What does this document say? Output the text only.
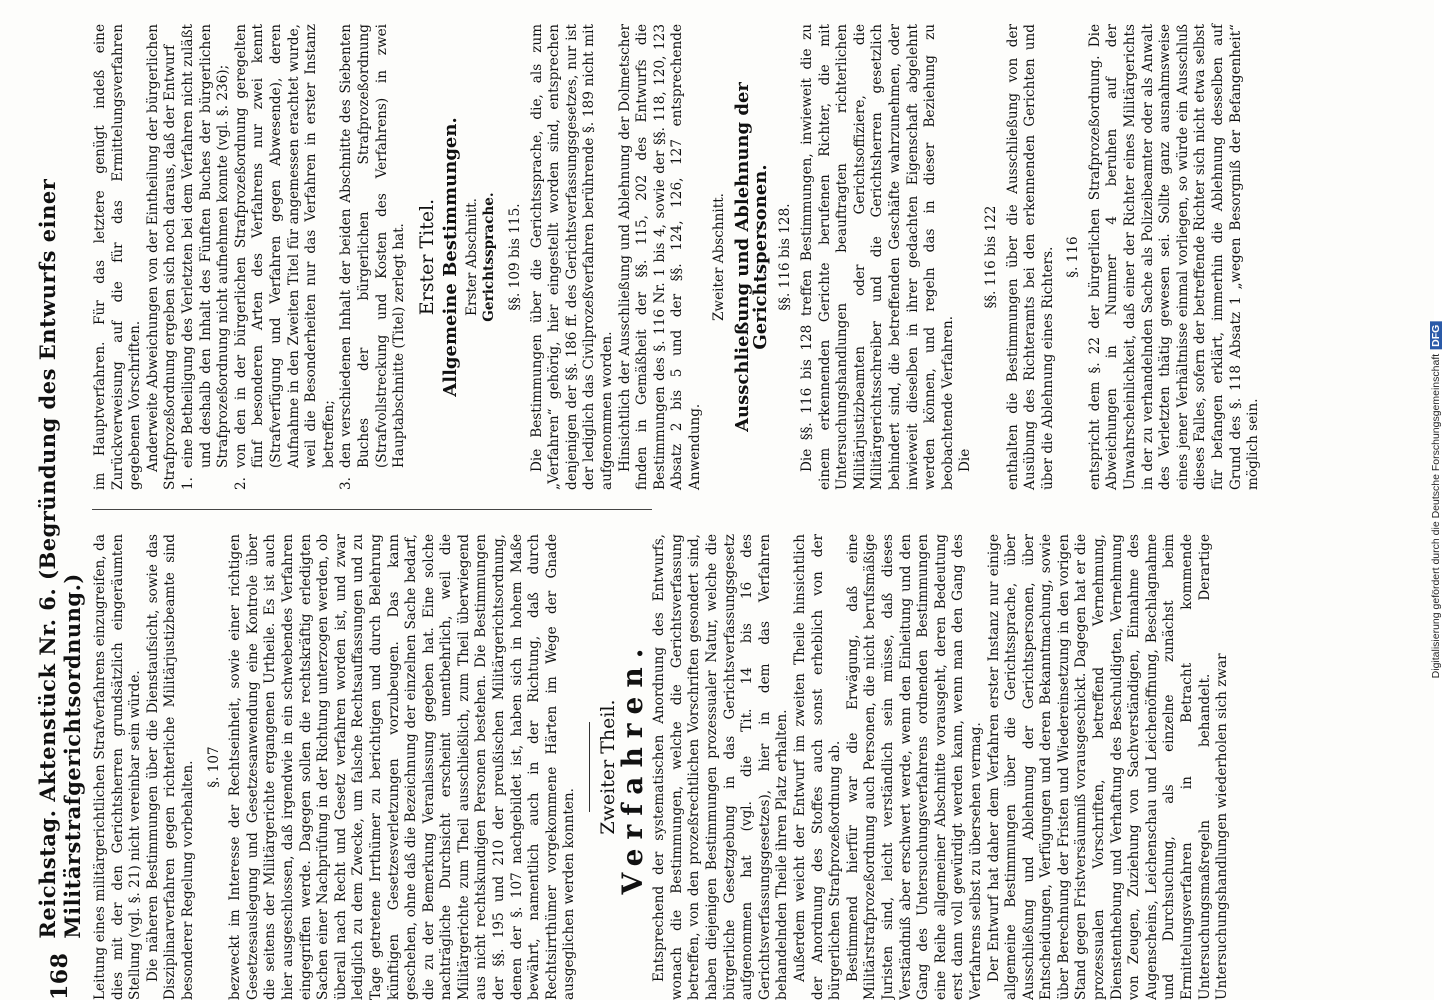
168
Reichstag. Aktenstück Nr. 6. (Begründung des Entwurfs einer Militärstrafgerichtsordnung.) Leitung eines militärgerichtlichen Strafverfahrens einzugreifen, da dies mit der den Gerichtsherren grundsätzlich eingeräumten Stellung (vgl. §. 21) nicht vereinbar sein würde. Die näheren Bestimmungen über die Dienstaufsicht, sowie das Disziplinarverfahren gegen richterliche Militärjustizbeamte sind besonderer Regelung vorbehalten. §. 107 bezweckt im Interesse der Rechtseinheit, sowie einer richtigen Gesetzesauslegung und Gesetzesanwendung eine Kontrole über die seitens der Militärgerichte ergangenen Urtheile. Es ist auch hier ausgeschlossen, daß irgendwie in ein schwebendes Verfahren eingegriffen werde. Dagegen sollen die rechtskräftig erledigten Sachen einer Nachprüfung in der Richtung unterzogen werden, ob überall nach Recht und Gesetz verfahren worden ist, und zwar lediglich zu dem Zwecke, um falsche Rechtsauffassungen und zu Tage getretene Irrthümer zu berichtigen und durch Belehrung künftigen Gesetzesverletzungen vorzubeugen. Das kann geschehen, ohne daß die Bezeichnung der einzelnen Sache bedarf, die zu der Bemerkung Veranlassung gegeben hat. Eine solche nachträgliche Durchsicht erscheint unentbehrlich, weil die Militärgerichte zum Theil ausschließlich, zum Theil überwiegend aus nicht rechtskundigen Personen bestehen. Die Bestimmungen der §§. 195 und 210 der preußischen Militärgerichtsordnung, denen der §. 107 nachgebildet ist, haben sich in hohem Maße bewährt, namentlich auch in der Richtung, daß durch Rechtsirrthümer vorgekommene Härten im Wege der Gnade ausgeglichen werden konnten.

Zweiter Theil.
Verfahren. Entsprechend der systematischen Anordnung des Entwurfs, wonach die Bestimmungen, welche die Gerichtsverfassung betreffen, von den prozeßrechtlichen Vorschriften gesondert sind, haben diejenigen Bestimmungen prozessualer Natur, welche die bürgerliche Gesetzgebung in das Gerichtsverfassungsgesetz aufgenommen hat (vgl. die Tit. 14 bis 16 des Gerichtsverfassungsgesetzes), hier in dem das Verfahren behandelnden Theile ihren Platz erhalten. Außerdem weicht der Entwurf im zweiten Theile hinsichtlich der Anordnung des Stoffes auch sonst erheblich von der bürgerlichen Strafprozeßordnung ab. Bestimmend hierfür war die Erwägung, daß eine Militärstrafprozeßordnung auch Personen, die nicht berufsmäßige Juristen sind, leicht verständlich sein müsse, daß dieses Verständniß aber erschwert werde, wenn den Einleitung und den Gang des Untersuchungsverfahrens ordnenden Bestimmungen eine Reihe allgemeiner Abschnitte vorausgeht, deren Bedeutung erst dann voll gewürdigt werden kann, wenn man den Gang des Verfahrens selbst zu übersehen vermag. Der Entwurf hat daher dem Verfahren erster Instanz nur einige allgemeine Bestimmungen über die Gerichtssprache, über Ausschließung und Ablehnung der Gerichtspersonen, über Entscheidungen, Verfügungen und deren Bekanntmachung, sowie über Berechnung der Fristen und Wiedereinsetzung in den vorigen Stand gegen Fristversäumniß vorausgeschickt. Dagegen hat er die prozessualen Vorschriften, betreffend Vernehmung, Dienstenthebung und Verhaftung des Beschuldigten, Vernehmung von Zeugen, Zuziehung von Sachverständigen, Einnahme des Augenscheins, Leichenschau und Leichenöffnung, Beschlagnahme und Durchsuchung, als einzelne zunächst beim Ermittelungsverfahren in Betracht kommende Untersuchungsmaßregeln behandelt. Derartige Untersuchungshandlungen wiederholen sich zwar

im Hauptverfahren. Für das letztere genügt indeß eine Zurückverweisung auf die für das Ermittelungsverfahren gegebenen Vorschriften. Anderweite Abweichungen von der Eintheilung der bürgerlichen Strafprozeßordnung ergeben sich noch daraus, daß der Entwurf 1.
eine Betheiligung des Verletzten bei dem Verfahren nicht zuläßt und deshalb den Inhalt des Fünften Buches der bürgerlichen Strafprozeßordnung nicht aufnehmen konnte (vgl. §. 236);
2.
von den in der bürgerlichen Strafprozeßordnung geregelten fünf besonderen Arten des Verfahrens nur zwei kennt (Strafverfügung und Verfahren gegen Abwesende), deren Aufnahme in den Zweiten Titel für angemessen erachtet wurde, weil die Besonderheiten nur das Verfahren in erster Instanz betreffen;
3.
den verschiedenen Inhalt der beiden Abschnitte des Siebenten Buches der bürgerlichen Strafprozeßordnung (Strafvollstreckung und Kosten des Verfahrens) in zwei Hauptabschnitte (Titel) zerlegt hat. Erster Titel. Allgemeine Bestimmungen. Erster Abschnitt. Gerichtssprache. §§. 109 bis 115. Die Bestimmungen über die Gerichtssprache, die, als zum „Verfahren“ gehörig, hier eingestellt worden sind, entsprechen denjenigen der §§. 186 ff. des Gerichtsverfassungsgesetzes, nur ist der lediglich das Civilprozeßverfahren berührende §. 189 nicht mit aufgenommen worden. Hinsichtlich der Ausschließung und Ablehnung der Dolmetscher finden in Gemäßheit der §§. 115, 202 des Entwurfs die Bestimmungen des §. 116 Nr. 1 bis 4, sowie der §§. 118, 120, 123 Absatz 2 bis 5 und der §§. 124, 126, 127 entsprechende Anwendung.

Zweiter Abschnitt. Ausschließung und Ablehnung der Gerichtspersonen. §§. 116 bis 128. Die §§. 116 bis 128 treffen Bestimmungen, inwieweit die zu einem erkennenden Gerichte berufenen Richter, die mit Untersuchungshandlungen beauftragten richterlichen Militärjustizbeamten oder Gerichtsoffiziere, die Militärgerichtsschreiber und die Gerichtsherren gesetzlich behindert sind, die betreffenden Geschäfte wahrzunehmen, oder inwieweit dieselben in ihrer gedachten Eigenschaft abgelehnt werden können, und regeln das in dieser Beziehung zu beobachtende Verfahren. Die

§§. 116 bis 122 enthalten die Bestimmungen über die Ausschließung von der Ausübung des Richteramts bei den erkennenden Gerichten und über die Ablehnung eines Richters. §. 116 entspricht dem §. 22 der bürgerlichen Strafprozeßordnung. Die Abweichungen in Nummer 4 beruhen auf der Unwahrscheinlichkeit, daß einer der Richter eines Militärgerichts in der zu verhandelnden Sache als Polizeibeamter oder als Anwalt des Verletzten thätig gewesen sei. Sollte ganz ausnahmsweise eines jener Verhältnisse einmal vorliegen, so würde ein Ausschluß dieses Falles, sofern der betreffende Richter sich nicht etwa selbst für befangen erklärt, immerhin die Ablehnung desselben auf Grund des §. 118 Absatz 1 „wegen Besorgniß der Befangenheit“ möglich sein.	Digitalisierung gefördert durch die Deutsche ForschungsgemeinschaftDFG
